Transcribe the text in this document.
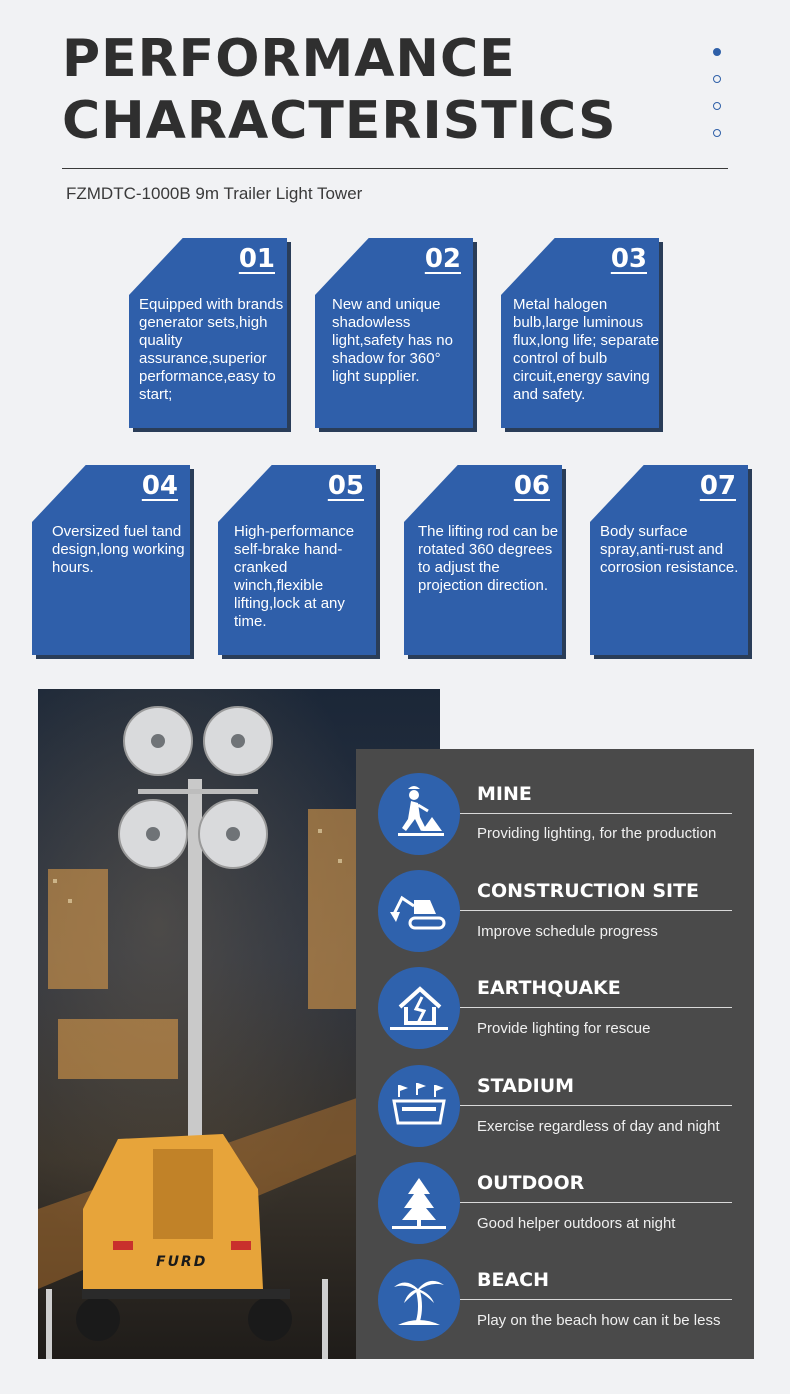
PERFORMANCE
CHARACTERISTICS
FZMDTC-1000B 9m Trailer Light Tower
01
Equipped with brands generator sets,high quality assurance,superior performance,easy to start;
02
New and unique shadowless light,safety has no shadow for 360° light supplier.
03
Metal halogen bulb,large luminous flux,long life; separate control of bulb circuit,energy saving and safety.
04
Oversized fuel tand design,long working hours.
05
High-performance self-brake hand-cranked winch,flexible lifting,lock at any time.
06
The lifting rod can be rotated 360 degrees to adjust the projection direction.
07
Body surface spray,anti-rust and corrosion resistance.
FURD
MINE
Providing lighting, for the production
CONSTRUCTION SITE
Improve schedule progress
EARTHQUAKE
Provide lighting for rescue
STADIUM
Exercise regardless of day and night
OUTDOOR
Good helper outdoors at night
BEACH
Play on the beach how can it be less
